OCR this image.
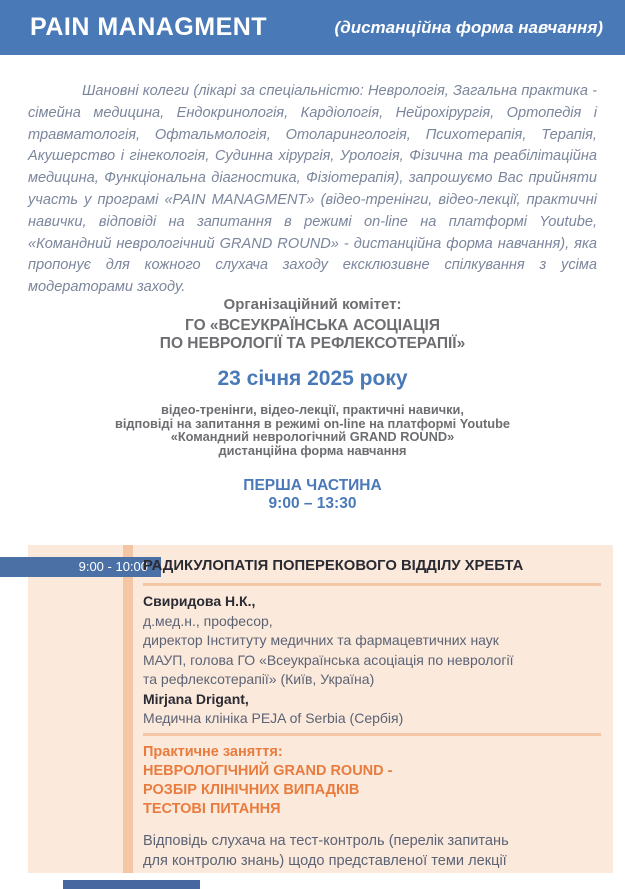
PAIN MANAGMENT	(дистанційна форма навчання)

Шановні колеги (лікарі за спеціальністю: Неврологія, Загальна практика - сімейна медицина, Ендокринологія, Кардіологія, Нейрохірургія, Ортопедія і травматологія, Офтальмологія, Отоларингологія, Психотерапія, Терапія, Акушерство і гінекологія, Судинна хірургія, Урологія, Фізична та реабілітаційна медицина, Функціональна діагностика, Фізіотерапія), запрошуємо Вас прийняти участь у програмі «PAIN MANAGMENT» (відео-тренінги, відео-лекції, практичні навички, відповіді на запитання в режимі on-line на платформі Youtube, «Командний неврологічний GRAND ROUND» - дистанційна форма навчання), яка пропонує для кожного слухача заходу ексклюзивне спілкування з усіма модераторами заходу.

Організаційний комітет:
ГО «ВСЕУКРАЇНСЬКА АСОЦІАЦІЯ
ПО НЕВРОЛОГІЇ ТА РЕФЛЕКСОТЕРАПІЇ»
23 січня 2025 року
відео-тренінги, відео-лекції, практичні навички,
відповіді на запитання в режимі on-line на платформі Youtube
«Командний неврологічний GRAND ROUND»
дистанційна форма навчання
ПЕРША ЧАСТИНА
9:00 – 13:30
9:00 - 10:00
РАДИКУЛОПАТІЯ ПОПЕРЕКОВОГО ВІДДІЛУ ХРЕБТА
Свиридова Н.К.,
д.мед.н., професор,
директор Інституту медичних та фармацевтичних наук
МАУП, голова ГО «Всеукраїнська асоціація по неврології
та рефлексотерапії» (Київ, Україна)
Mirjana Drigant,
Медична клініка PEJA of Serbia (Сербія)
Практичне заняття:
НЕВРОЛОГІЧНИЙ GRAND ROUND -
РОЗБІР КЛІНІЧНИХ ВИПАДКІВ
ТЕСТОВІ ПИТАННЯ
Відповідь слухача на тест-контроль (перелік запитань
для контролю знань) щодо представленої теми лекції
